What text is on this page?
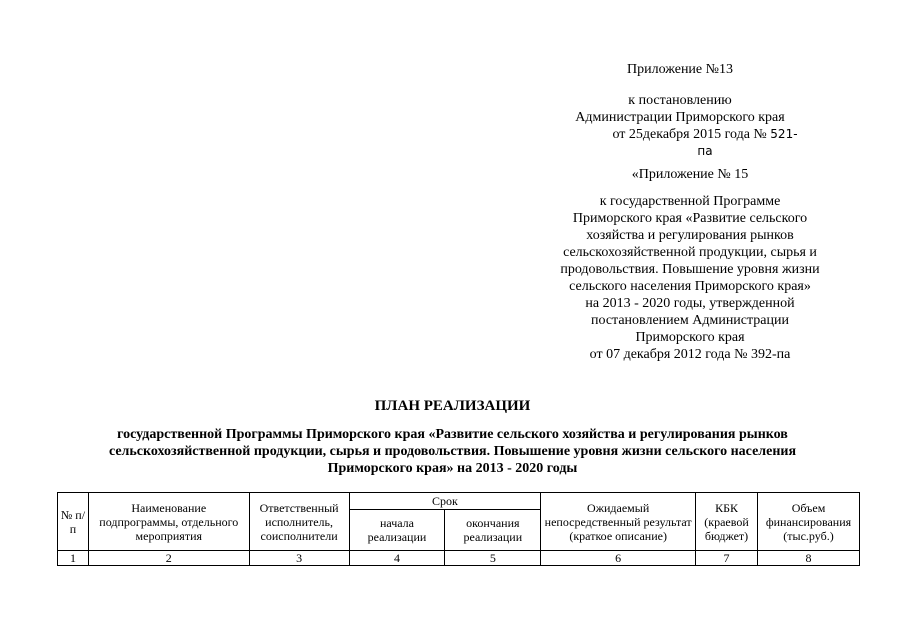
Приложение №13
к постановлению
Администрации Приморского края
от 25декабря 2015 года № 521-па
«Приложение № 15
к государственной Программе
Приморского края «Развитие сельского
хозяйства и регулирования рынков
сельскохозяйственной продукции, сырья и
продовольствия. Повышение уровня жизни
сельского населения Приморского края»
на 2013 - 2020 годы, утвержденной
постановлением Администрации
Приморского края
от 07 декабря 2012 года № 392-па
ПЛАН РЕАЛИЗАЦИИ
государственной Программы Приморского края «Развитие сельского хозяйства и регулирования рынков
сельскохозяйственной продукции, сырья и продовольствия. Повышение уровня жизни сельского населения
Приморского края» на 2013 - 2020 годы
№ п/п	Наименование подпрограммы, отдельного мероприятия	Ответственный исполнитель, соисполнители	Срок		Ожидаемый непосредственный результат (краткое описание)	КБК (краевой бюджет)	Объем финансирования (тыс.руб.)
			начала реализации	окончания реализации			
1	2	3	4	5	6	7	8
